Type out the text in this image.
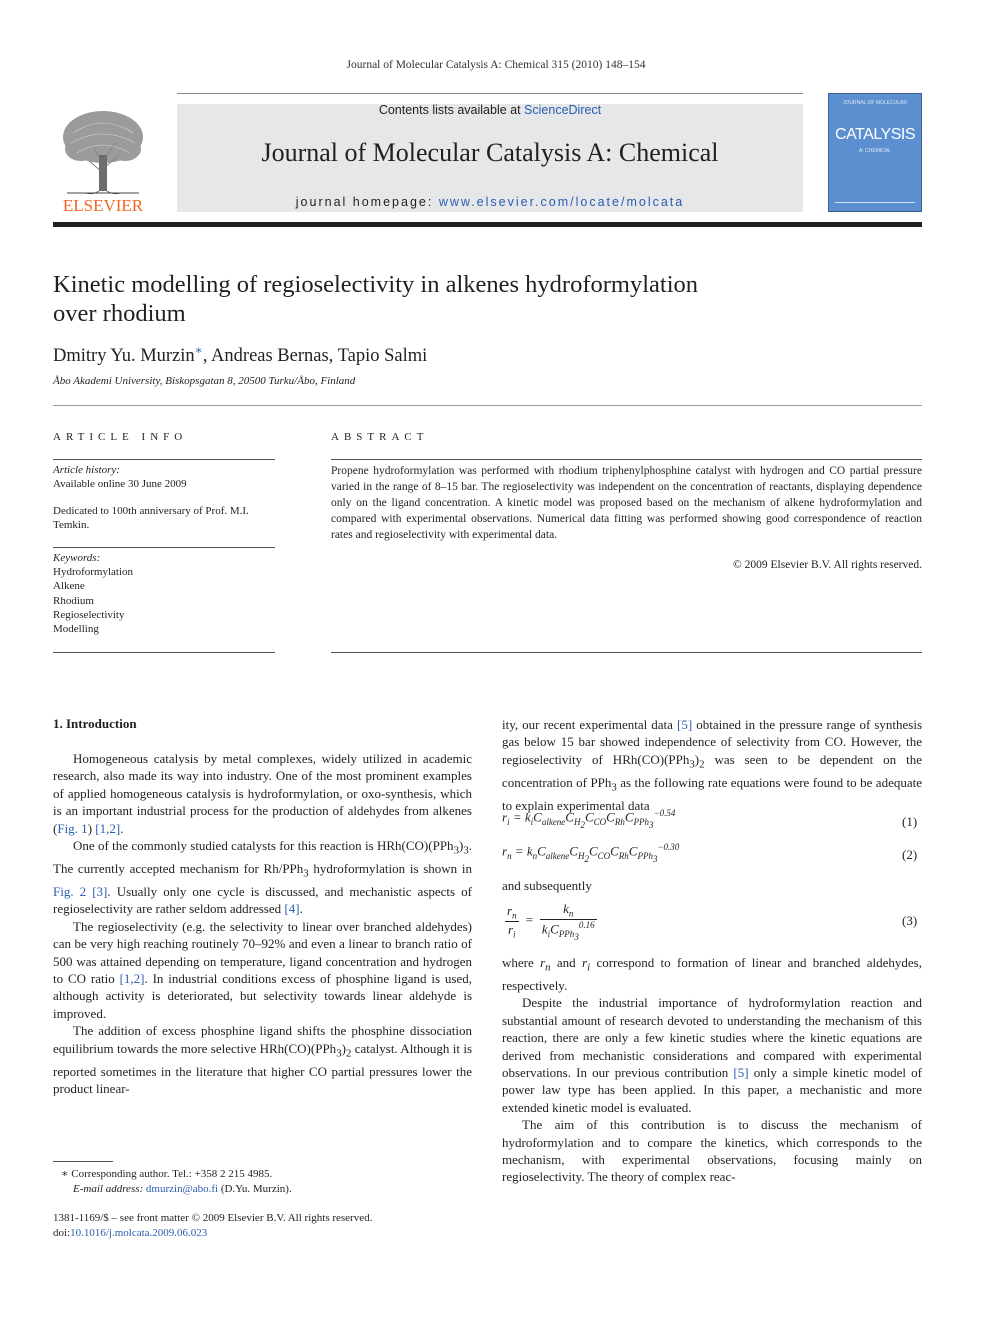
Journal of Molecular Catalysis A: Chemical 315 (2010) 148–154
ELSEVIER
Contents lists available at ScienceDirect
Journal of Molecular Catalysis A: Chemical
journal homepage: www.elsevier.com/locate/molcata
JOURNAL OF MOLECULAR
CATALYSIS
A: CHEMICAL
Kinetic modelling of regioselectivity in alkenes hydroformylation
over rhodium
Dmitry Yu. Murzin∗, Andreas Bernas, Tapio Salmi
Åbo Akademi University, Biskopsgatan 8, 20500 Turku/Åbo, Finland
ARTICLE INFO	ABSTRACT
Article history:
Available online 30 June 2009
Dedicated to 100th anniversary of Prof. M.I. Temkin.
Keywords:
Hydroformylation
Alkene
Rhodium
Regioselectivity
Modelling
Propene hydroformylation was performed with rhodium triphenylphosphine catalyst with hydrogen and CO partial pressure varied in the range of 8–15 bar. The regioselectivity was independent on the concentration of reactants, displaying dependence only on the ligand concentration. A kinetic model was proposed based on the mechanism of alkene hydroformylation and compared with experimental observations. Numerical data fitting was performed showing good correspondence of reaction rates and regioselectivity with experimental data.
© 2009 Elsevier B.V. All rights reserved.
1. Introduction

Homogeneous catalysis by metal complexes, widely utilized in academic research, also made its way into industry. One of the most prominent examples of applied homogeneous catalysis is hydroformylation, or oxo-synthesis, which is an important industrial process for the production of aldehydes from alkenes (Fig. 1) [1,2].

One of the commonly studied catalysts for this reaction is $HRh(CO)(PPh_3)_3$. The currently accepted mechanism for Rh/PPh$_3$ hydroformylation is shown in Fig. 2 [3]. Usually only one cycle is discussed, and mechanistic aspects of regioselectivity are rather seldom addressed [4].

The regioselectivity (e.g. the selectivity to linear over branched aldehydes) can be very high reaching routinely 70–92% and even a linear to branch ratio of 500 was attained depending on temperature, ligand concentration and hydrogen to CO ratio [1,2]. In industrial conditions excess of phosphine ligand is used, although activity is deteriorated, but selectivity towards linear aldehyde is improved.

The addition of excess phosphine ligand shifts the phosphine dissociation equilibrium towards the more selective $HRh(CO)(PPh_3)_2$ catalyst. Although it is reported sometimes in the literature that higher CO partial pressures lower the product linear-

ity, our recent experimental data [5] obtained in the pressure range of synthesis gas below 15 bar showed independence of selectivity from CO. However, the regioselectivity of $HRh(CO)(PPh_3)_2$ was seen to be dependent on the concentration of PPh$_3$ as the following rate equations were found to be adequate to explain experimental data
$r_i = k_iC_{alkene}C_{H_2}C_{CO}C_{Rh}C_{PPh_3}^{-0.54}$
(1)
$r_n = k_nC_{alkene}C_{H_2}C_{CO}C_{Rh}C_{PPh_3}^{-0.30}$	(2)
and subsequently
$\frac{r_n}{r_i} = \frac{k_n}{k_iC_{PPh_3}^{0.16}}$	(3)

where $r_n$ and $r_i$ correspond to formation of linear and branched aldehydes, respectively.

Despite the industrial importance of hydroformylation reaction and substantial amount of research devoted to understanding the mechanism of this reaction, there are only a few kinetic studies where the kinetic equations are derived from mechanistic considerations and compared with experimental observations. In our previous contribution [5] only a simple kinetic model of power law type has been applied. In this paper, a mechanistic and more extended kinetic model is evaluated.

The aim of this contribution is to discuss the mechanism of hydroformylation and to compare the kinetics, which corresponds to the mechanism, with experimental observations, focusing mainly on regioselectivity. The theory of complex reac-

∗ Corresponding author. Tel.: +358 2 215 4985.
E-mail address: dmurzin@abo.fi (D.Yu. Murzin).
1381-1169/$ – see front matter © 2009 Elsevier B.V. All rights reserved.
doi:10.1016/j.molcata.2009.06.023
